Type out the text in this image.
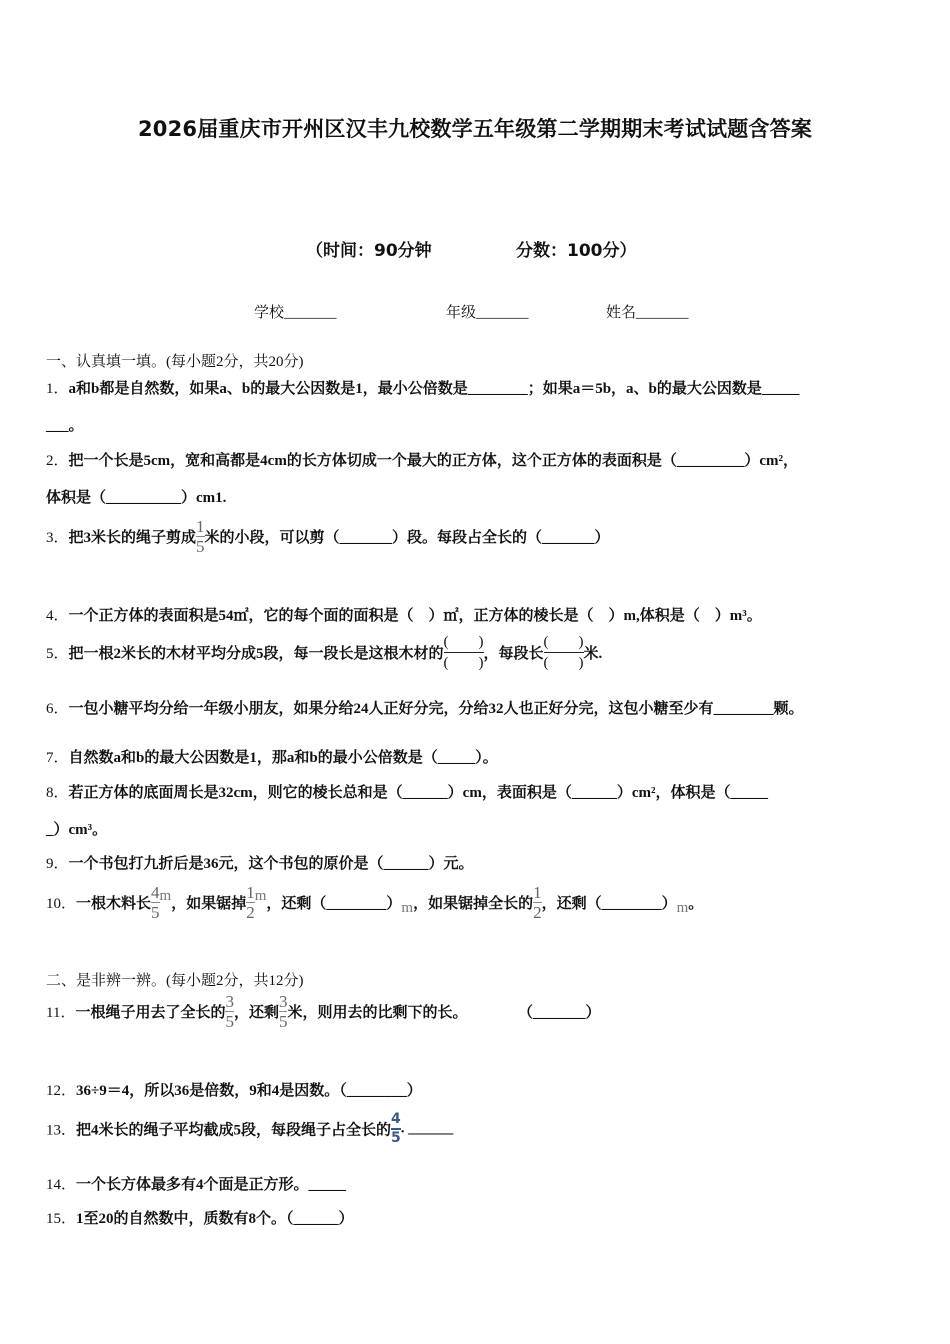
2026届重庆市开州区汉丰九校数学五年级第二学期期末考试试题含答案
（时间：90分钟	分数：100分）
学校_______	年级_______	姓名_______
一、认真填一填。(每小题2分，共20分)
1．a和b都是自然数，如果a、b的最大公因数是1，最小公倍数是________；如果a＝5b，a、b的最大公因数是_____
___。
2．把一个长是5cm，宽和高都是4cm的长方体切成一个最大的正方体，这个正方体的表面积是（_________）cm²，
体积是（__________）cm1.
3．把3米长的绳子剪成 $\frac{1}{5}$ 米的小段，可以剪（_______）段。每段占全长的（_______）
4．一个正方体的表面积是54㎡，它的每个面的面积是（　）㎡，正方体的棱长是（　）m,体积是（　）m³。
5．把一根2米长的木材平均分成5段，每一段长是这根木材的
(　　)
(　　)
，每段长
(　　)
(　　)
米.
6．一包小糖平均分给一年级小朋友，如果分给24人正好分完，分给32人也正好分完，这包小糖至少有________颗。
7．自然数a和b的最大公因数是1，那a和b的最小公倍数是（_____）。
8．若正方体的底面周长是32cm，则它的棱长总和是（______）cm，表面积是（______）cm²，体积是（_____
_）cm³。
9．一个书包打九折后是36元，这个书包的原价是（______）元。
10．一根木料长 $\frac{4}{5}$ m，如果锯掉 $\frac{1}{2}$ m，还剩（________）m，如果锯掉全长的 $\frac{1}{2}$ ，还剩（________）m。
二、是非辨一辨。(每小题2分，共12分)
11．一根绳子用去了全长的 $\frac{3}{5}$ ，还剩 $\frac{3}{5}$ 米，则用去的比剩下的长。	（_______）
12．36÷9＝4，所以36是倍数，9和4是因数。（________）
13．把4米长的绳子平均截成5段，每段绳子占全长的 $\frac{4}{5}$ . ______
14．一个长方体最多有4个面是正方形。_____
15．1至20的自然数中，质数有8个。（______）
